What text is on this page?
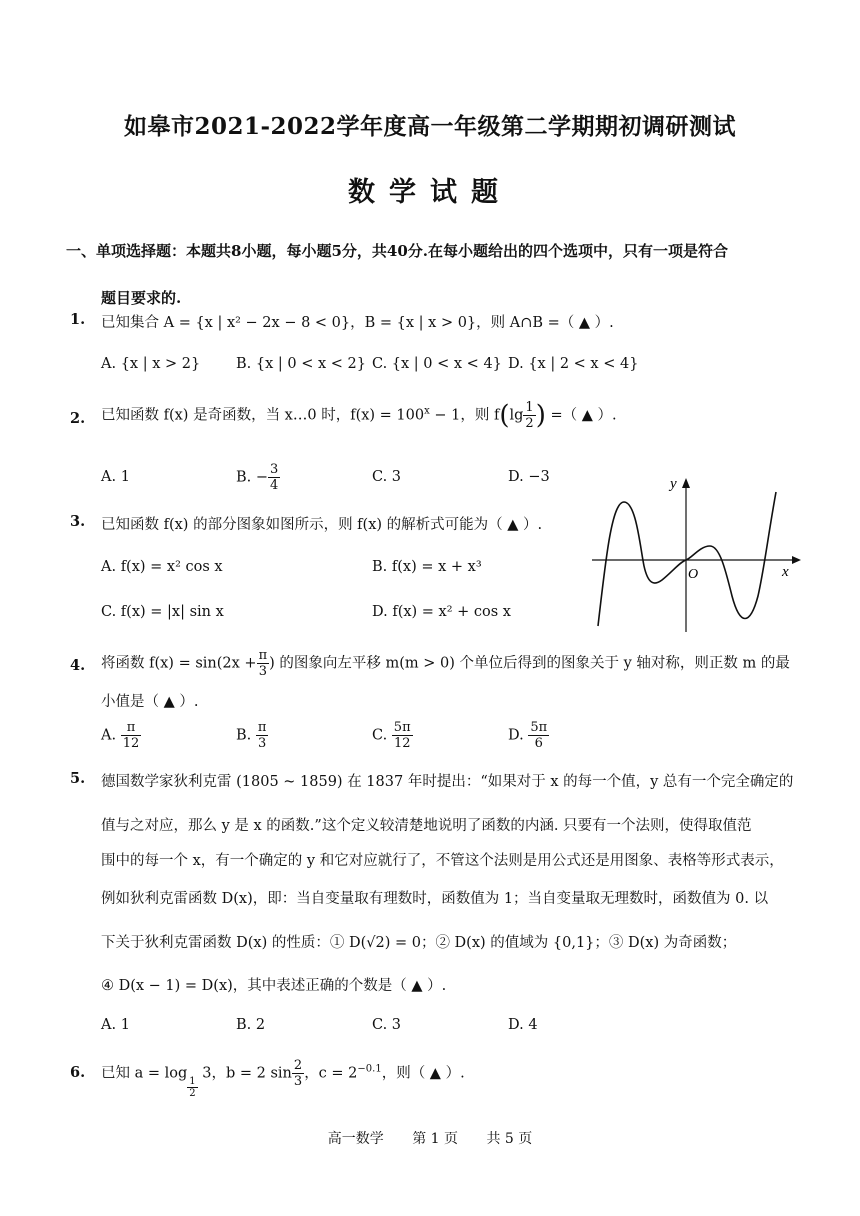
如皋市2021-2022学年度高一年级第二学期期初调研测试
数学试题
一、单项选择题：本题共8小题，每小题5分，共40分.在每小题给出的四个选项中，只有一项是符合
题目要求的.
1. 已知集合 A = {x | x² − 2x − 8 < 0}，B = {x | x > 0}，则 A∩B =（ ▲ ）.
A. {x | x > 2} B. {x | 0 < x < 2} C. {x | 0 < x < 4} D. {x | 2 < x < 4}
2. 已知函数 f(x) 是奇函数，当 x…0 时，$f(x) = 100^x - 1$，则 $f(\lg \frac{1}{2}$ ) =（ ▲ ）.
A. 1	B. − $\frac{3}{4}$	C. 3	D. −3
3. 已知函数 f(x) 的部分图象如图所示，则 f(x) 的解析式可能为（ ▲ ）.
A. f(x) = x² cos x	B. f(x) = x + x³
C. f(x) = |x| sin x	D. f(x) = x² + cos x
y
x
O
4. 将函数 $f(x) = \sin(2x + \frac{\pi}{3}$ ) 的图象向左平移 m(m > 0) 个单位后得到的图象关于 y 轴对称，则正数 m 的最
小值是（ ▲ ）.
A. $\frac{\pi}{12}$	B. $\frac{\pi}{3}$	C. $\frac{5\pi}{12}$	D. $\frac{5\pi}{6}$
5. 德国数学家狄利克雷 (1805 ~ 1859) 在 1837 年时提出：“如果对于 x 的每一个值，y 总有一个完全确定的
值与之对应，那么 y 是 x 的函数.”这个定义较清楚地说明了函数的内涵. 只要有一个法则，使得取值范
围中的每一个 x，有一个确定的 y 和它对应就行了，不管这个法则是用公式还是用图象、表格等形式表示，
例如狄利克雷函数 D(x)，即：当自变量取有理数时，函数值为 1；当自变量取无理数时，函数值为 0. 以
下关于狄利克雷函数 D(x) 的性质：① D(√2) = 0；② D(x) 的值域为 {0,1}；③ D(x) 为奇函数；
④ D(x − 1) = D(x)，其中表述正确的个数是（ ▲ ）.
A. 1	B. 2	C. 3	D. 4
6. 已知 a = log
$\frac{1}{2}$
3，b = 2 $\sin \frac{2}{3}$ ，$c = 2^{-0.1}$，则（ ▲ ）.
高一数学 第 1 页 共 5 页
